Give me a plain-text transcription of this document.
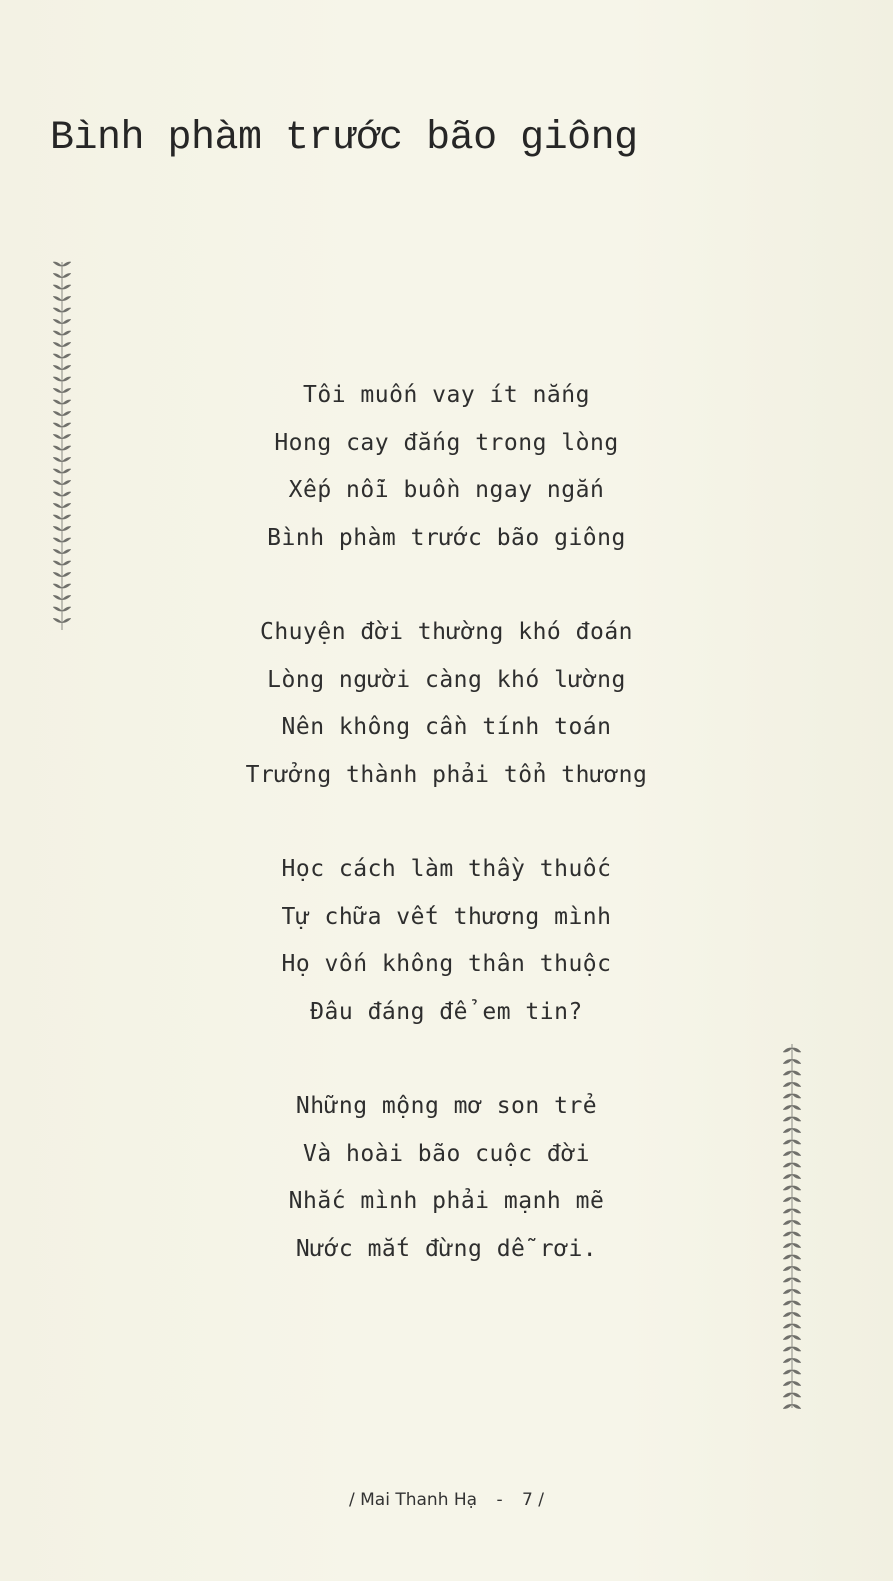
Bình phàm trước bão giông
Tôi muốn vay ít nắng
Hong cay đắng trong lòng
Xếp nỗi buồn ngay ngắn
Bình phàm trước bão giông
Chuyện đời thường khó đoán
Lòng người càng khó lường
Nên không cần tính toán
Trưởng thành phải tổn thương
Học cách làm thầy thuốc
Tự chữa vết thương mình
Họ vốn không thân thuộc
Đâu đáng để em tin?
Những mộng mơ son trẻ
Và hoài bão cuộc đời
Nhắc mình phải mạnh mẽ
Nước mắt đừng dễ rơi.
/ Mai Thanh Hạ - 7 /
